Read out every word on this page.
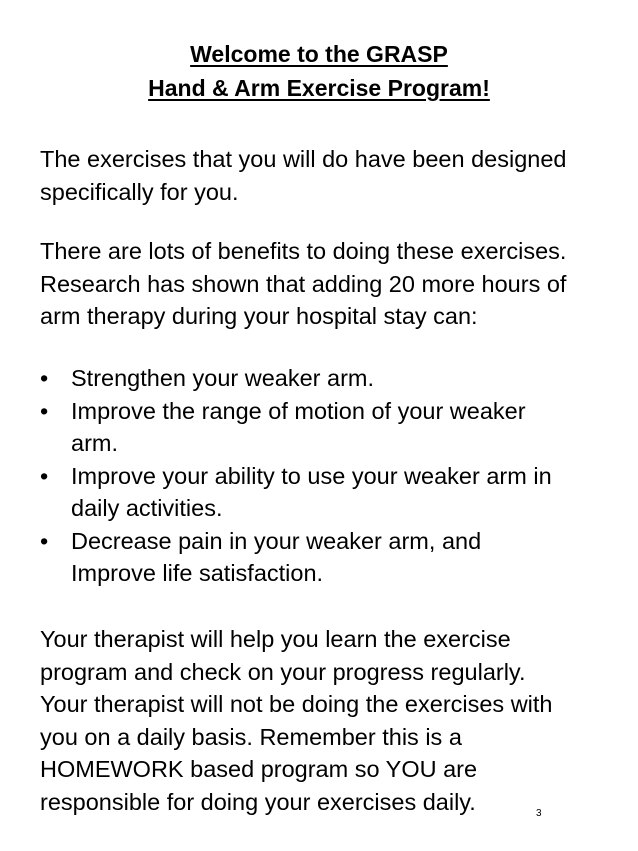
Welcome to the GRASP
Hand & Arm Exercise Program!

The exercises that you will do have been designed
specifically for you.

There are lots of benefits to doing these exercises.
Research has shown that adding 20 more hours of
arm therapy during your hospital stay can:

• Strengthen your weaker arm.
• Improve the range of motion of your weaker
arm.
• Improve your ability to use your weaker arm in
daily activities.
• Decrease pain in your weaker arm, and
Improve life satisfaction.

Your therapist will help you learn the exercise
program and check on your progress regularly.

Your therapist will not be doing the exercises with
you on a daily basis. Remember this is a
HOMEWORK based program so YOU are
responsible for doing your exercises daily.	3
